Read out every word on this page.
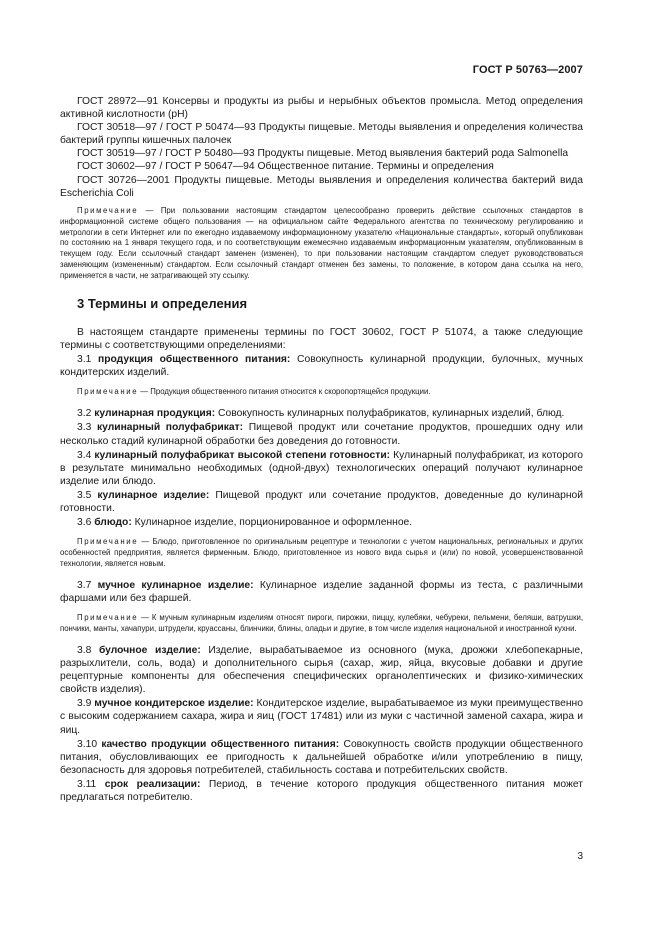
ГОСТ Р 50763—2007

ГОСТ 28972—91 Консервы и продукты из рыбы и нерыбных объектов промысла. Метод определения активной кислотности (pH)

ГОСТ 30518—97 / ГОСТ Р 50474—93 Продукты пищевые. Методы выявления и определения количества бактерий группы кишечных палочек

ГОСТ 30519—97 / ГОСТ Р 50480—93 Продукты пищевые. Метод выявления бактерий рода Salmonella

ГОСТ 30602—97 / ГОСТ Р 50647—94 Общественное питание. Термины и определения

ГОСТ 30726—2001 Продукты пищевые. Методы выявления и определения количества бактерий вида Escherichia Coli

Примечание — При пользовании настоящим стандартом целесообразно проверить действие ссылочных стандартов в информационной системе общего пользования — на официальном сайте Федерального агентства по техническому регулированию и метрологии в сети Интернет или по ежегодно издаваемому информационному указателю «Национальные стандарты», который опубликован по состоянию на 1 января текущего года, и по соответствующим ежемесячно издаваемым информационным указателям, опубликованным в текущем году. Если ссылочный стандарт заменен (изменен), то при пользовании настоящим стандартом следует руководствоваться заменяющим (измененным) стандартом. Если ссылочный стандарт отменен без замены, то положение, в котором дана ссылка на него, применяется в части, не затрагивающей эту ссылку.

3 Термины и определения

В настоящем стандарте применены термины по ГОСТ 30602, ГОСТ Р 51074, а также следующие термины с соответствующими определениями:

3.1 продукция общественного питания: Совокупность кулинарной продукции, булочных, мучных кондитерских изделий.

Примечание — Продукция общественного питания относится к скоропортящейся продукции.

3.2 кулинарная продукция: Совокупность кулинарных полуфабрикатов, кулинарных изделий, блюд.

3.3 кулинарный полуфабрикат: Пищевой продукт или сочетание продуктов, прошедших одну или несколько стадий кулинарной обработки без доведения до готовности.

3.4 кулинарный полуфабрикат высокой степени готовности: Кулинарный полуфабрикат, из которого в результате минимально необходимых (одной-двух) технологических операций получают кулинарное изделие или блюдо.

3.5 кулинарное изделие: Пищевой продукт или сочетание продуктов, доведенные до кулинарной готовности.

3.6 блюдо: Кулинарное изделие, порционированное и оформленное.

Примечание — Блюдо, приготовленное по оригинальным рецептуре и технологии с учетом национальных, региональных и других особенностей предприятия, является фирменным. Блюдо, приготовленное из нового вида сырья и (или) по новой, усовершенствованной технологии, является новым.

3.7 мучное кулинарное изделие: Кулинарное изделие заданной формы из теста, с различными фаршами или без фаршей.

Примечание — К мучным кулинарным изделиям относят пироги, пирожки, пиццу, кулебяки, чебуреки, пельмени, беляши, ватрушки, пончики, манты, хачапури, штрудели, круассаны, блинчики, блины, оладьи и другие, в том числе изделия национальной и иностранной кухни.

3.8 булочное изделие: Изделие, вырабатываемое из основного (мука, дрожжи хлебопекарные, разрыхлители, соль, вода) и дополнительного сырья (сахар, жир, яйца, вкусовые добавки и другие рецептурные компоненты для обеспечения специфических органолептических и физико-химических свойств изделия).

3.9 мучное кондитерское изделие: Кондитерское изделие, вырабатываемое из муки преимущественно с высоким содержанием сахара, жира и яиц (ГОСТ 17481) или из муки с частичной заменой сахара, жира и яиц.

3.10 качество продукции общественного питания: Совокупность свойств продукции общественного питания, обусловливающих ее пригодность к дальнейшей обработке и/или употреблению в пищу, безопасность для здоровья потребителей, стабильность состава и потребительских свойств.

3.11 срок реализации: Период, в течение которого продукция общественного питания может предлагаться потребителю.

3
